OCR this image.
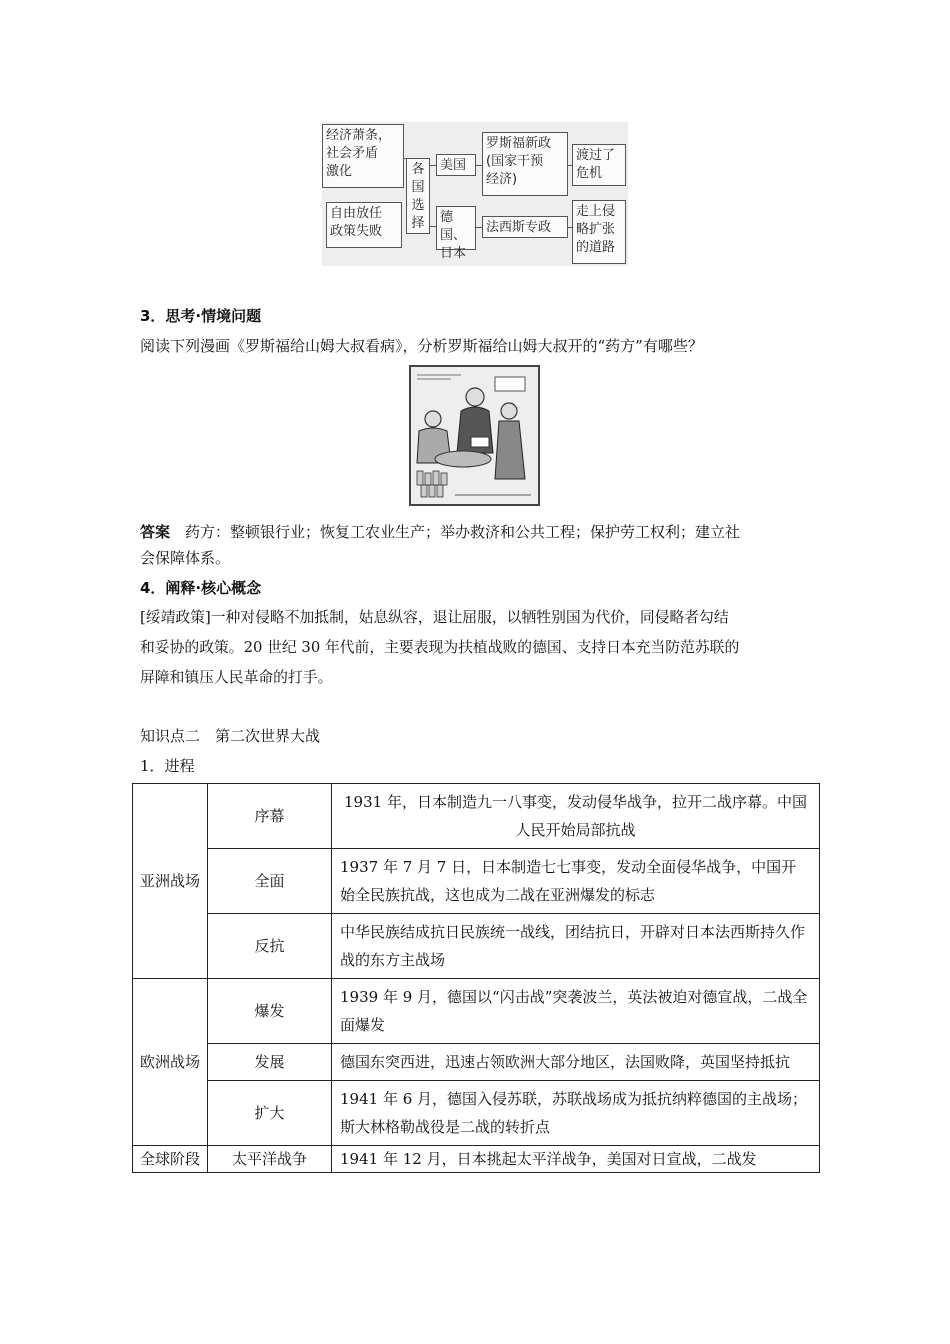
经济萧条，
社会矛盾
激化
自由放任
政策失败
各
国
选
择
美国
德国、
日本
罗斯福新政
(国家干预
经济)
法西斯专政
渡过了
危机
走上侵
略扩张
的道路
3．思考·情境问题
阅读下列漫画《罗斯福给山姆大叔看病》，分析罗斯福给山姆大叔开的“药方”有哪些？
答案　 药方：整顿银行业；恢复工农业生产；举办救济和公共工程；保护劳工权利；建立社
会保障体系。
4．阐释·核心概念
[绥靖政策]一种对侵略不加抵制，姑息纵容，退让屈服，以牺牲别国为代价，同侵略者勾结
和妥协的政策。20 世纪 30 年代前，主要表现为扶植战败的德国、支持日本充当防范苏联的
屏障和镇压人民革命的打手。
知识点二　第二次世界大战
1．进程
亚洲战场	序幕	1931 年，日本制造九一八事变，发动侵华战争，拉开二战序幕。中国人民开始局部抗战
	全面	1937 年 7 月 7 日，日本制造七七事变，发动全面侵华战争，中国开始全民族抗战，这也成为二战在亚洲爆发的标志
	反抗	中华民族结成抗日民族统一战线，团结抗日，开辟对日本法西斯持久作战的东方主战场
欧洲战场	爆发	1939 年 9 月，德国以“闪击战”突袭波兰，英法被迫对德宣战，二战全面爆发
	发展	德国东突西进，迅速占领欧洲大部分地区，法国败降，英国坚持抵抗
	扩大	1941 年 6 月，德国入侵苏联，苏联战场成为抵抗纳粹德国的主战场；
斯大林格勒战役是二战的转折点
全球阶段	太平洋战争	1941 年 12 月，日本挑起太平洋战争，美国对日宣战，二战发
